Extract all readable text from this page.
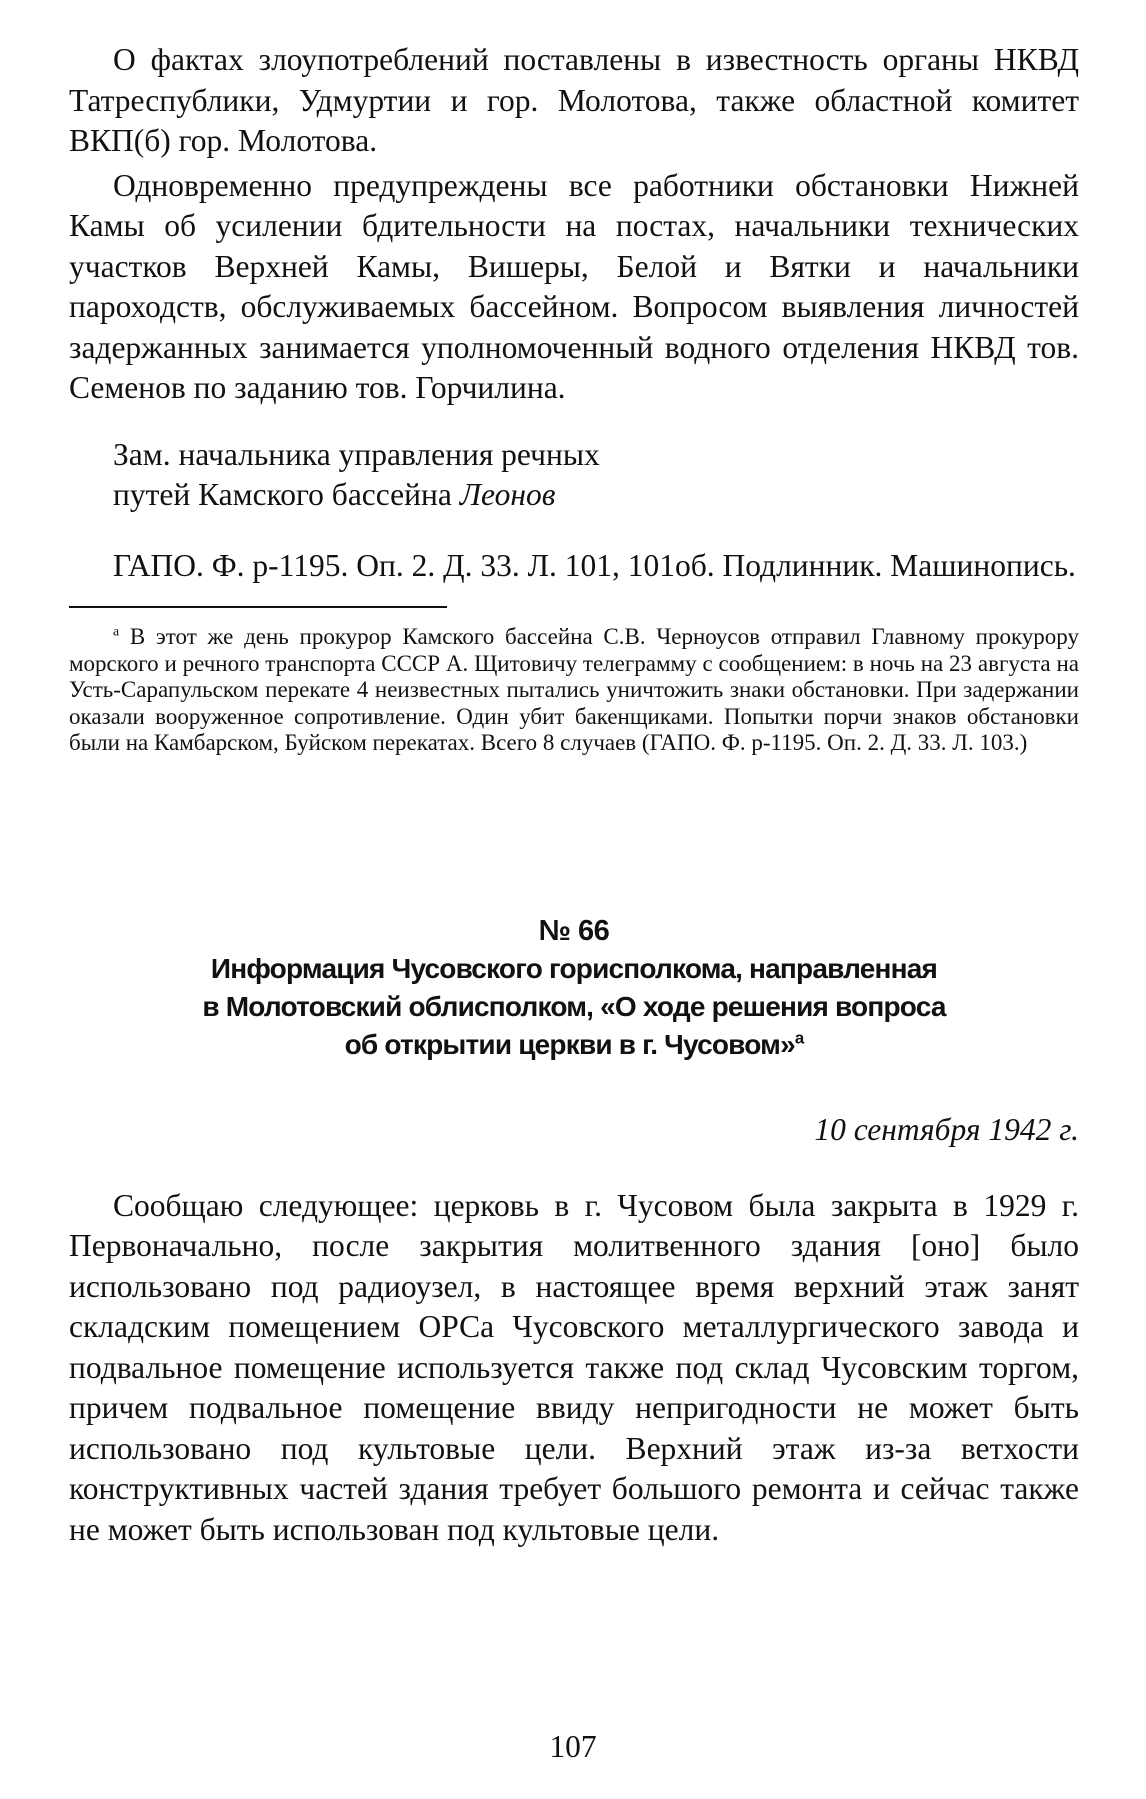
О фактах злоупотреблений поставлены в известность органы НКВД Татреспублики, Удмуртии и гор. Молотова, также областной комитет ВКП(б) гор. Молотова.

Одновременно предупреждены все работники обстановки Нижней Камы об усилении бдительности на постах, начальники технических участков Верхней Камы, Вишеры, Белой и Вятки и начальники пароходств, обслуживаемых бассейном. Вопросом выявления личностей задержанных занимается уполномоченный водного отделения НКВД тов. Семенов по заданию тов. Горчилина.

Зам. начальника управления речных
путей Камского бассейна Леонов

ГАПО. Ф. р-1195. Оп. 2. Д. 33. Л. 101, 101об. Подлинник. Машинопись.

$^а$ В этот же день прокурор Камского бассейна С.В. Черноусов отправил Главному прокурору морского и речного транспорта СССР А. Щитовичу телеграмму с сообщением: в ночь на 23 августа на Усть-Сарапульском перекате 4 неизвестных пытались уничтожить знаки обстановки. При задержании оказали вооруженное сопротивление. Один убит бакенщиками. Попытки порчи знаков обстановки были на Камбарском, Буйском перекатах. Всего 8 случаев (ГАПО. Ф. р-1195. Оп. 2. Д. 33. Л. 103.)

№ 66
Информация Чусовского горисполкома, направленная
в Молотовский облисполком, «О ходе решения вопроса
об открытии церкви в г. Чусовом»$^а$
10 сентября 1942 г.

Сообщаю следующее: церковь в г. Чусовом была закрыта в 1929 г. Первоначально, после закрытия молитвенного здания [оно] было использовано под радиоузел, в настоящее время верхний этаж занят складским помещением ОРСа Чусовского металлургического завода и подвальное помещение используется также под склад Чусовским торгом, причем подвальное помещение ввиду непригодности не может быть использовано под культовые цели. Верхний этаж из-за ветхости конструктивных частей здания требует большого ремонта и сейчас также не может быть использован под культовые цели.

107
